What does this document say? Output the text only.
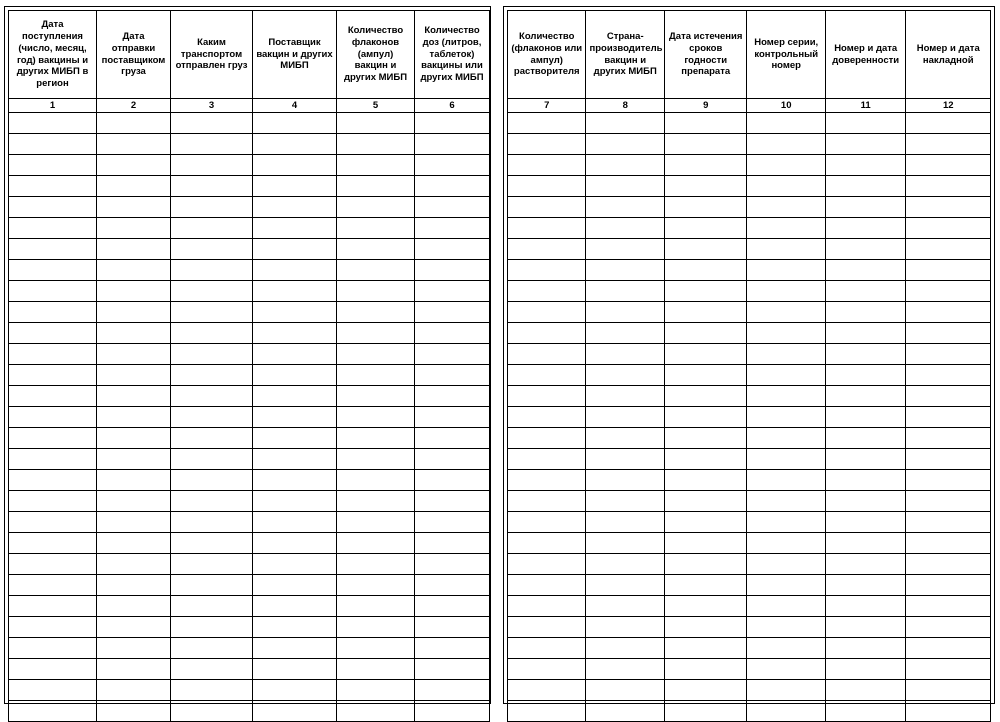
Дата поступления (число, месяц, год) вакцины и других МИБП в регион	Дата отправки поставщиком груза	Каким транспортом отправлен груз	Поставщик вакцин и других МИБП	Количество флаконов (ампул) вакцин и других МИБП	Количество доз (литров, таблеток) вакцины или других МИБП
1	2	3	4	5	6

Количество (флаконов или ампул) растворителя	Страна-производитель вакцин и других МИБП	Дата истечения сроков годности препарата	Номер серии, контрольный номер	Номер и дата доверенности	Номер и дата накладной
7	8	9	10	11	12
